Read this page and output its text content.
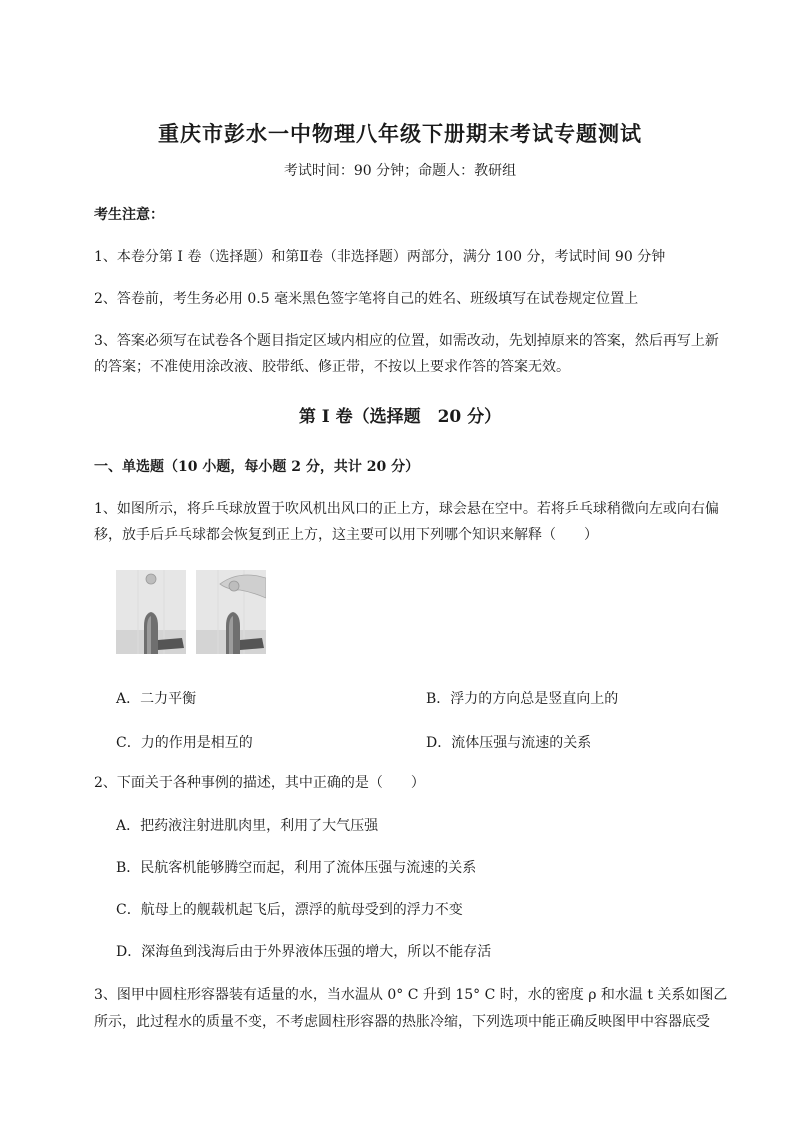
重庆市彭水一中物理八年级下册期末考试专题测试
考试时间：90 分钟；命题人：教研组
考生注意：
1、本卷分第 I 卷（选择题）和第Ⅱ卷（非选择题）两部分，满分 100 分，考试时间 90 分钟
2、答卷前，考生务必用 0.5 毫米黑色签字笔将自己的姓名、班级填写在试卷规定位置上
3、答案必须写在试卷各个题目指定区域内相应的位置，如需改动，先划掉原来的答案，然后再写上新
的答案；不准使用涂改液、胶带纸、修正带，不按以上要求作答的答案无效。
第 I 卷（选择题　20 分）
一、单选题（10 小题，每小题 2 分，共计 20 分）
1、如图所示，将乒乓球放置于吹风机出风口的正上方，球会悬在空中。若将乒乓球稍微向左或向右偏
移，放手后乒乓球都会恢复到正上方，这主要可以用下列哪个知识来解释（　　）
A．二力平衡	B．浮力的方向总是竖直向上的
C．力的作用是相互的	D．流体压强与流速的关系
2、下面关于各种事例的描述，其中正确的是（　　）
A．把药液注射进肌肉里，利用了大气压强
B．民航客机能够腾空而起，利用了流体压强与流速的关系
C．航母上的舰载机起飞后，漂浮的航母受到的浮力不变
D．深海鱼到浅海后由于外界液体压强的增大，所以不能存活
3、图甲中圆柱形容器装有适量的水，当水温从 0° C 升到 15° C 时，水的密度 ρ 和水温 t 关系如图乙
所示，此过程水的质量不变，不考虑圆柱形容器的热胀冷缩，下列选项中能正确反映图甲中容器底受
